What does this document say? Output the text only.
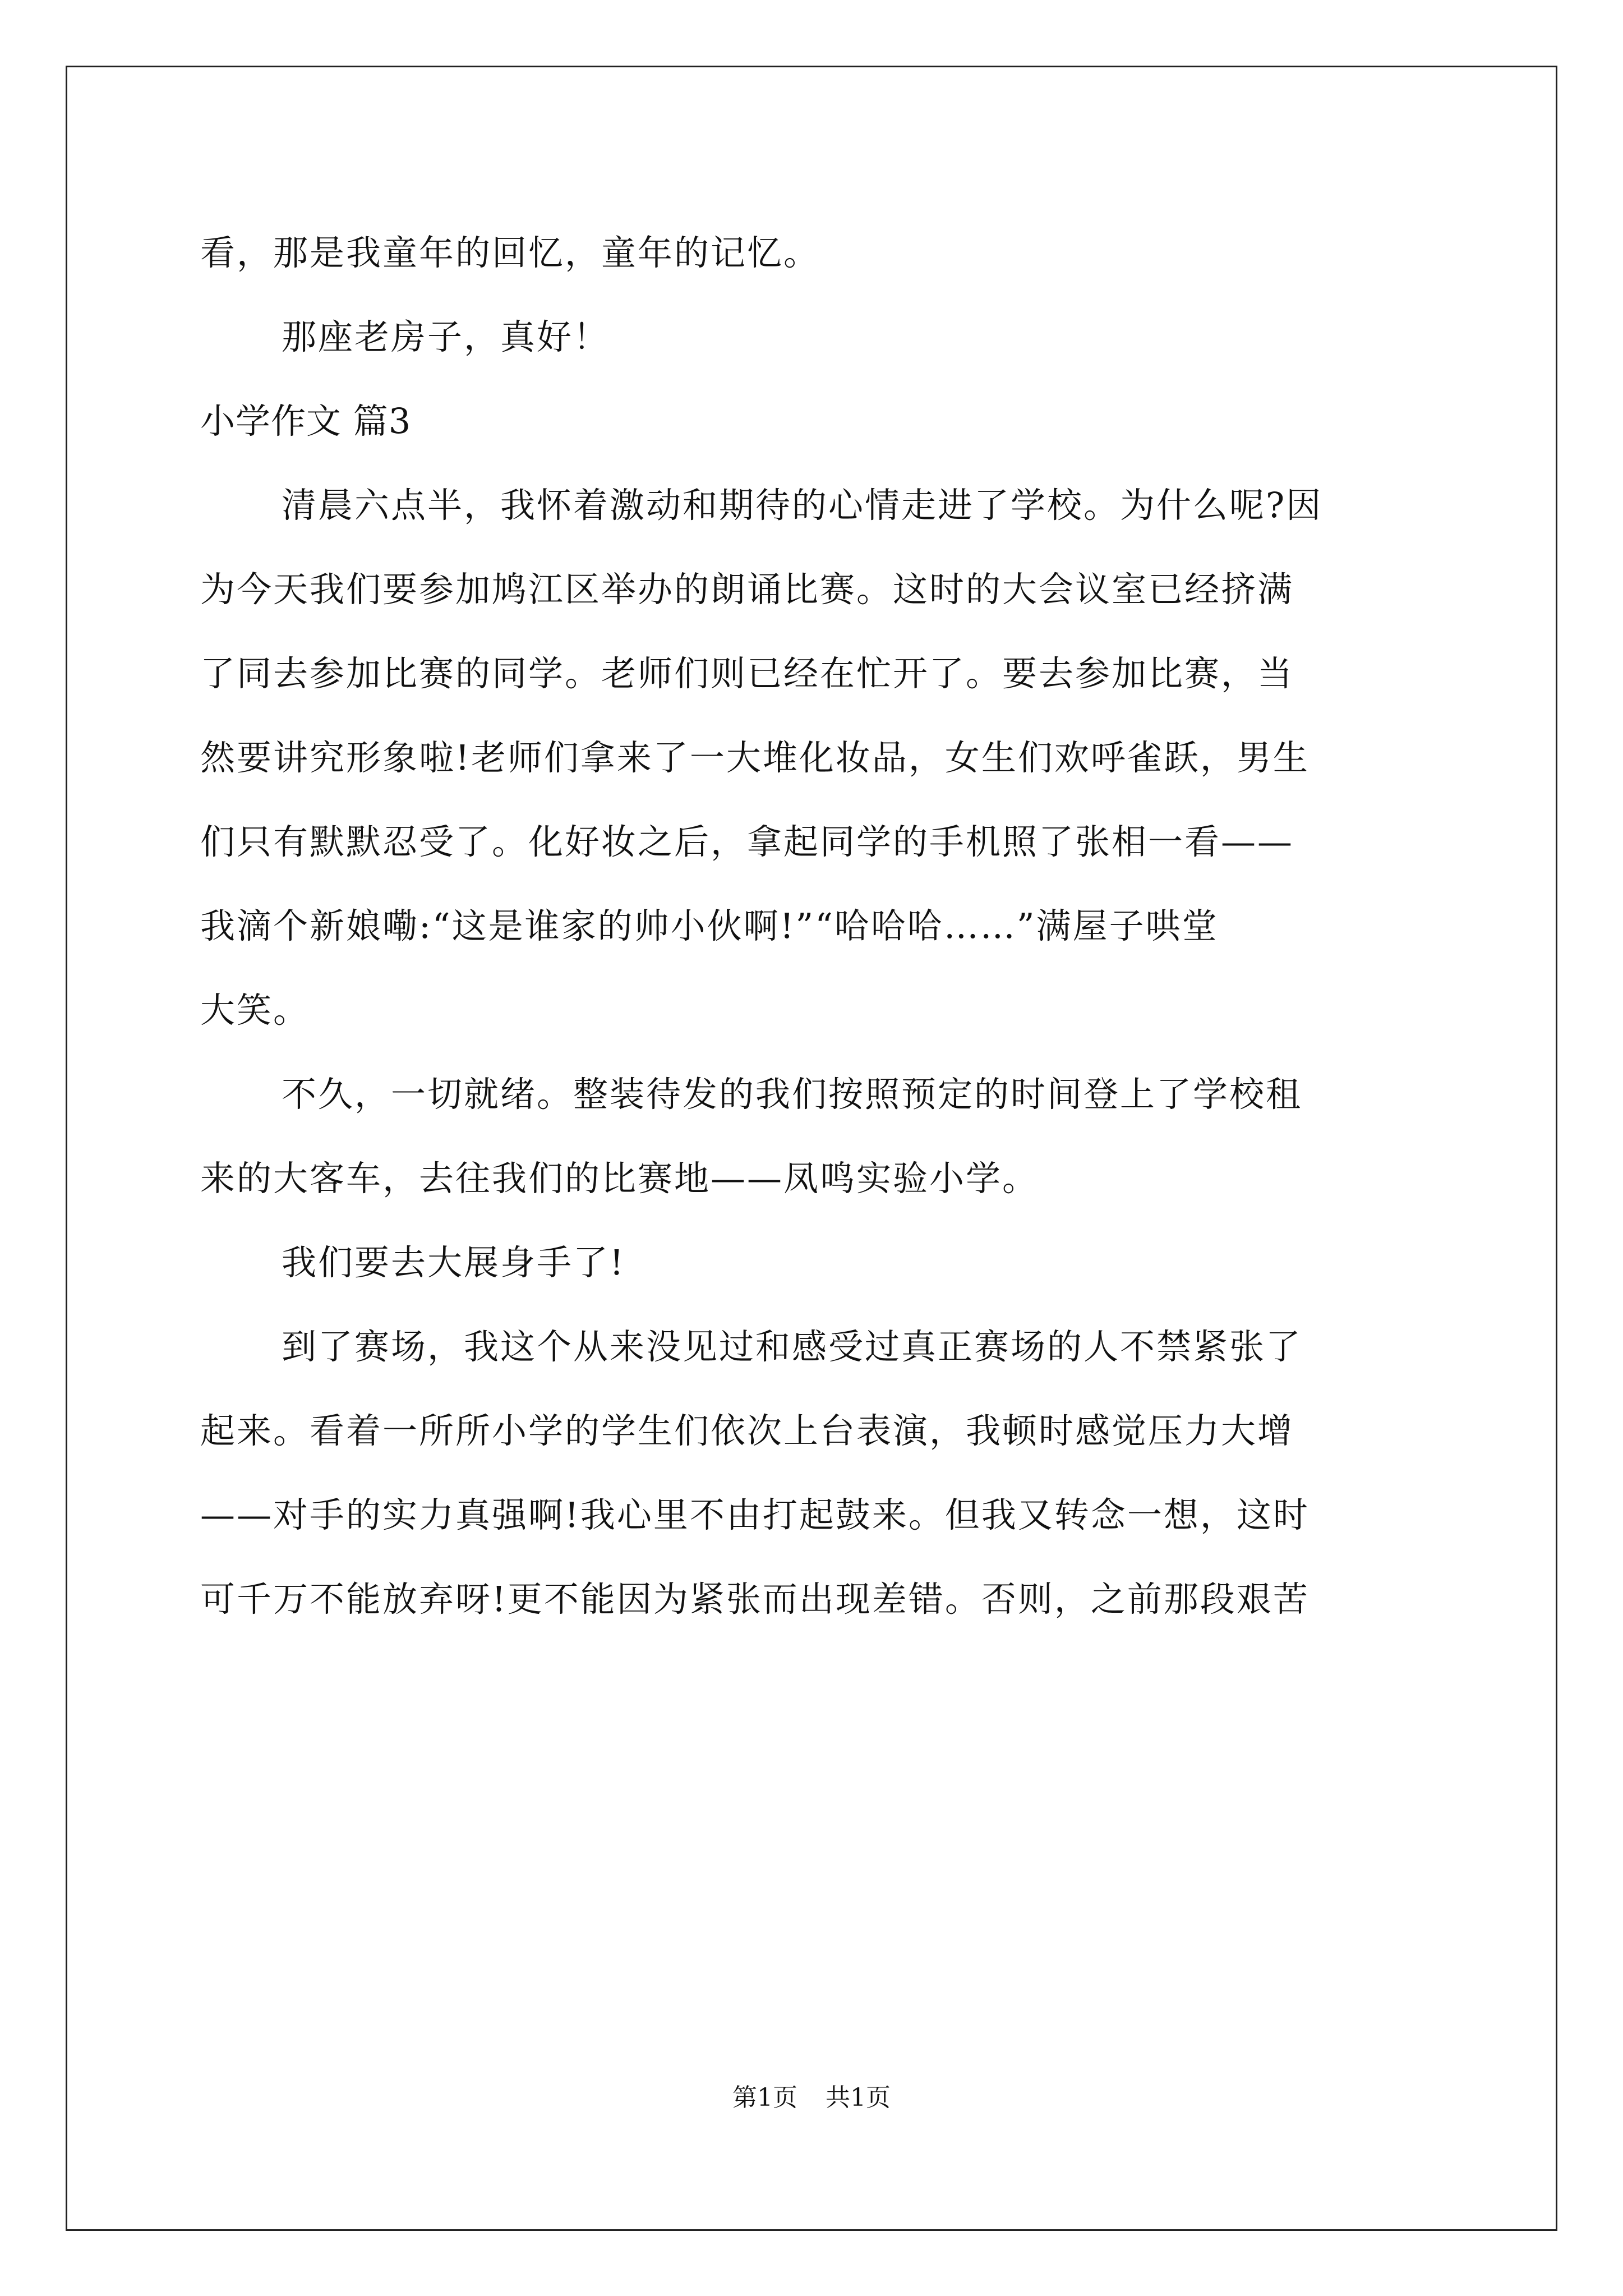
看，那是我童年的回忆，童年的记忆。
那座老房子，真好！
小学作文 篇3
清晨六点半，我怀着激动和期待的心情走进了学校。为什么呢?因
为今天我们要参加鸠江区举办的朗诵比赛。这时的大会议室已经挤满
了同去参加比赛的同学。老师们则已经在忙开了。要去参加比赛，当
然要讲究形象啦!老师们拿来了一大堆化妆品，女生们欢呼雀跃，男生
们只有默默忍受了。化好妆之后，拿起同学的手机照了张相一看——
我滴个新娘嘞:“这是谁家的帅小伙啊!”“哈哈哈……”满屋子哄堂
大笑。
不久，一切就绪。整装待发的我们按照预定的时间登上了学校租
来的大客车，去往我们的比赛地——凤鸣实验小学。
我们要去大展身手了!
到了赛场，我这个从来没见过和感受过真正赛场的人不禁紧张了
起来。看着一所所小学的学生们依次上台表演，我顿时感觉压力大增
——对手的实力真强啊!我心里不由打起鼓来。但我又转念一想，这时
可千万不能放弃呀!更不能因为紧张而出现差错。否则，之前那段艰苦
第1页 共1页
